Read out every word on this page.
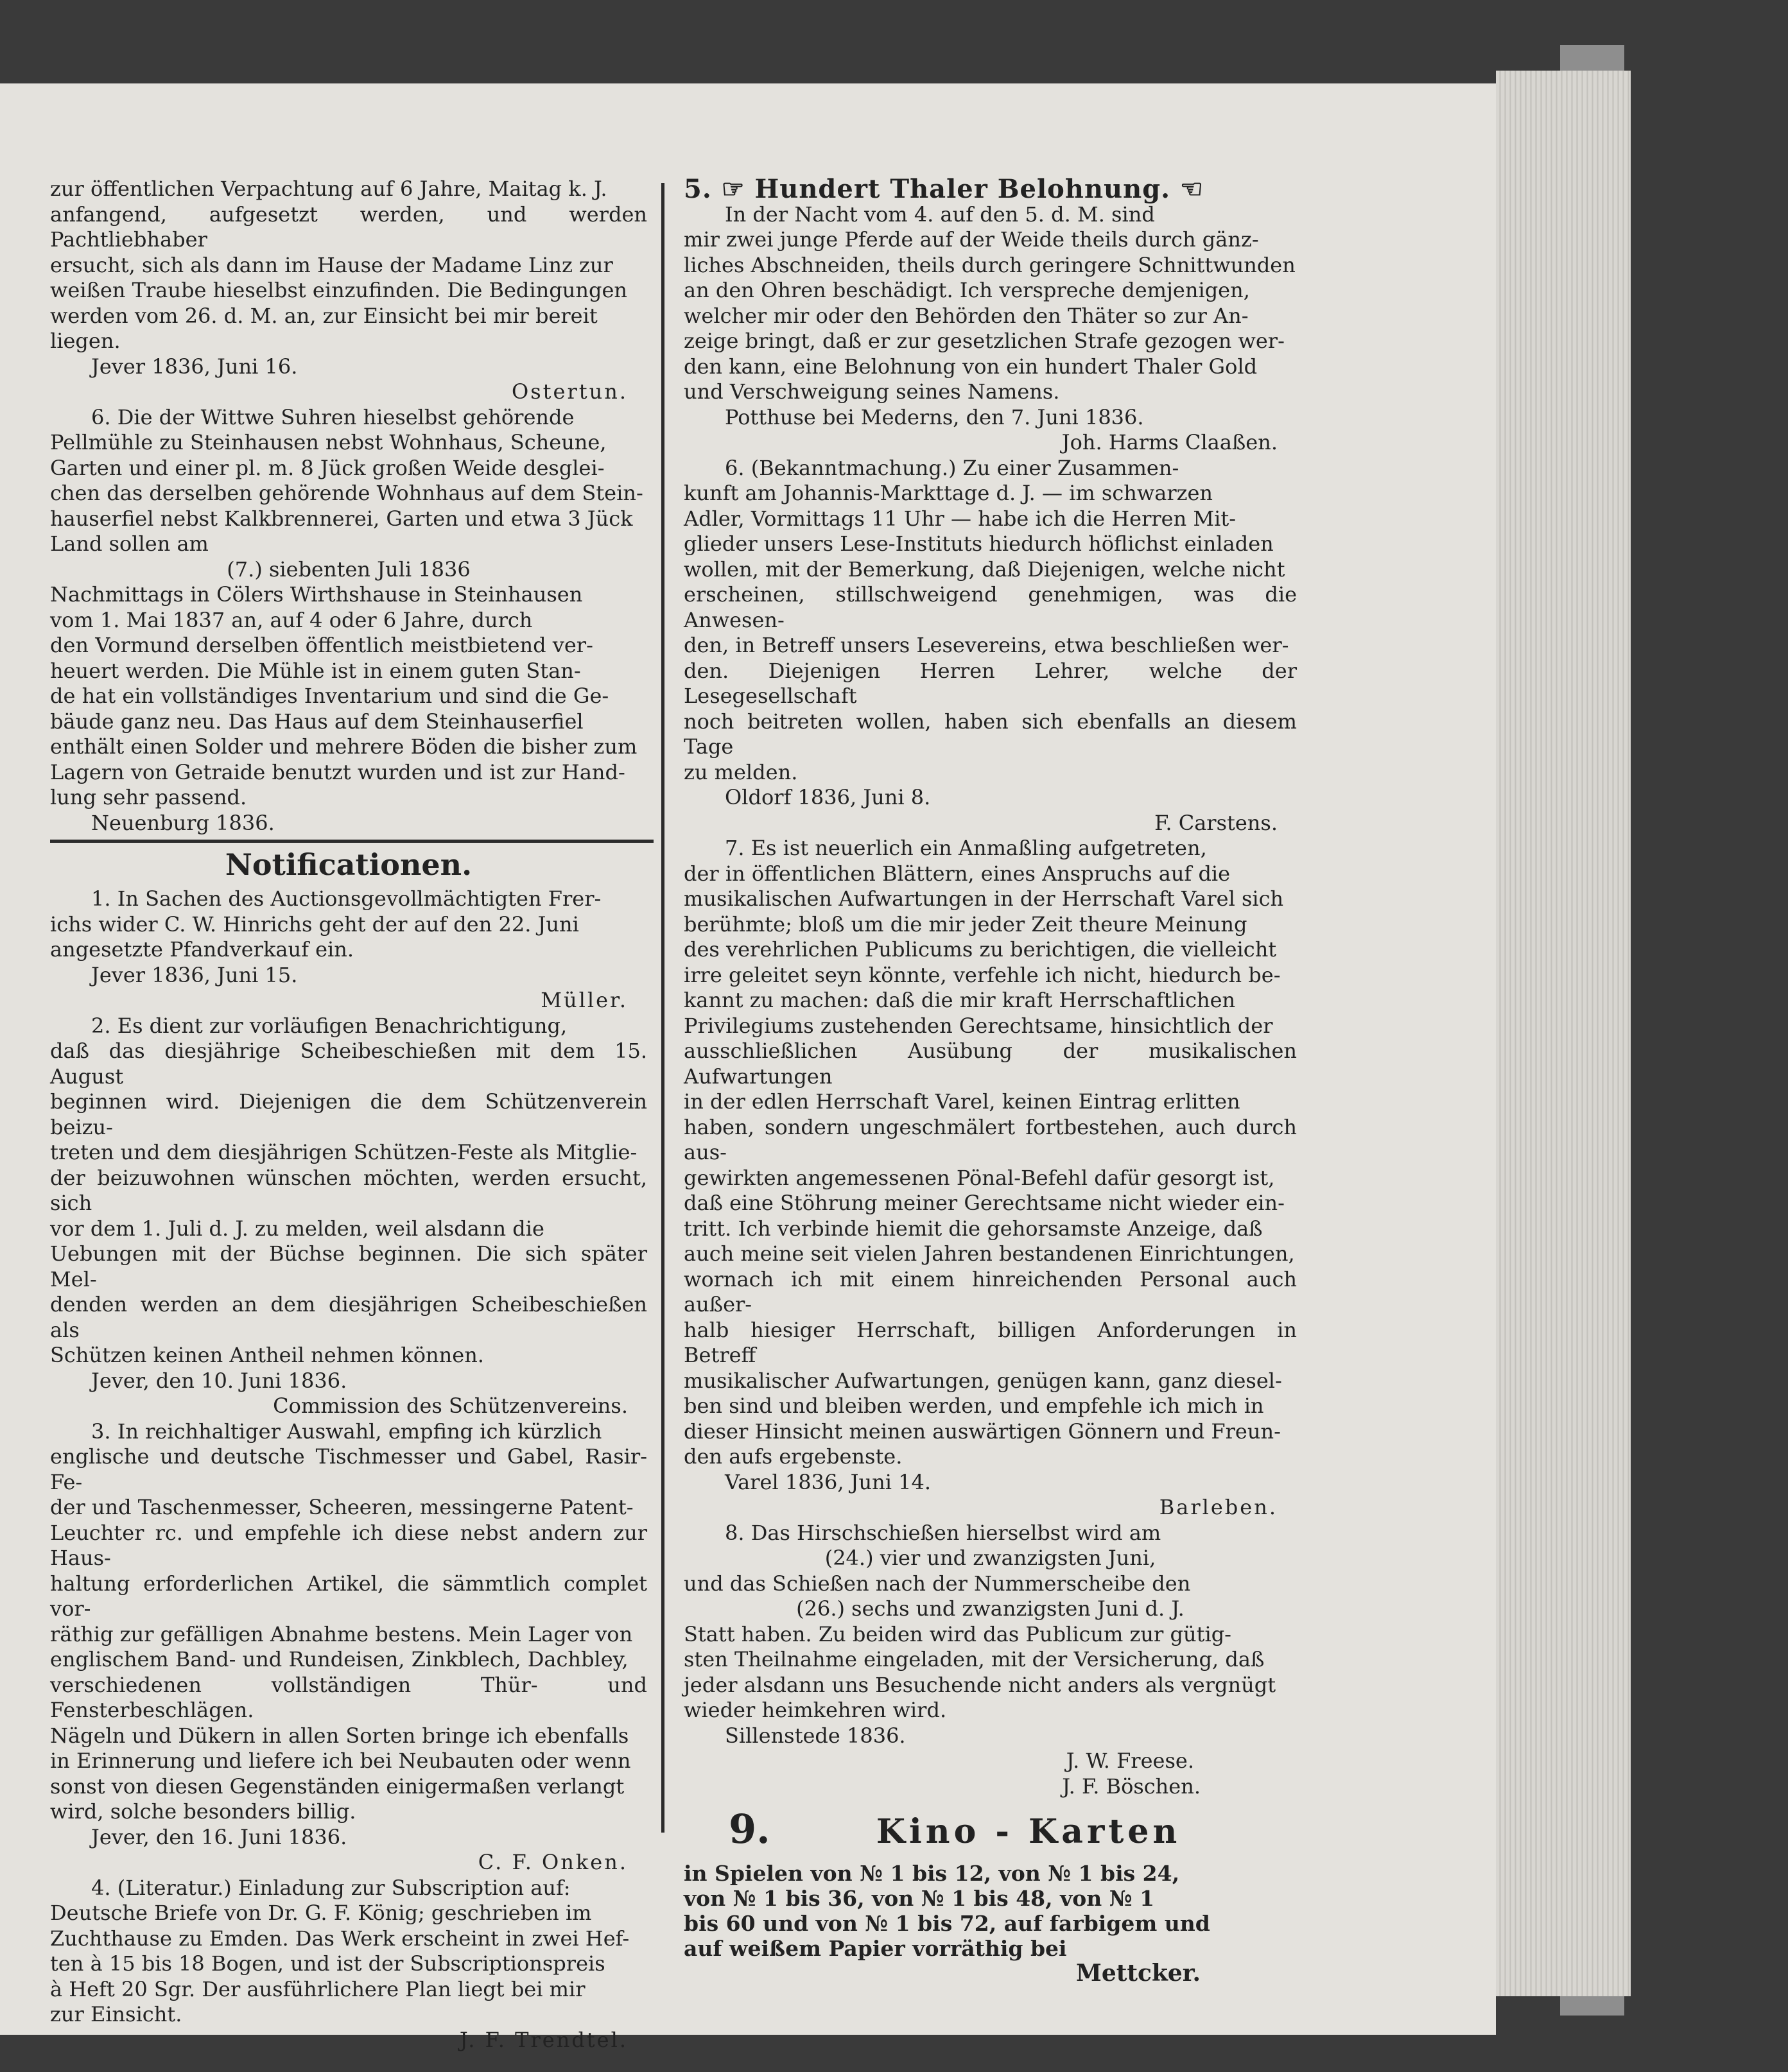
zur öffentlichen Verpachtung auf 6 Jahre, Maitag k. J.

anfangend, aufgesetzt werden, und werden Pachtliebhaber

ersucht, sich als dann im Hause der Madame Linz zur

weißen Traube hieselbst einzufinden. Die Bedingungen

werden vom 26. d. M. an, zur Einsicht bei mir bereit

liegen.

Jever 1836, Juni 16.

Ostertun.

6. Die der Wittwe Suhren hieselbst gehörende

Pellmühle zu Steinhausen nebst Wohnhaus, Scheune,

Garten und einer pl. m. 8 Jück großen Weide desglei-

chen das derselben gehörende Wohnhaus auf dem Stein-

hauserfiel nebst Kalkbrennerei, Garten und etwa 3 Jück

Land sollen am

(7.) siebenten Juli 1836

Nachmittags in Cölers Wirthshause in Steinhausen

vom 1. Mai 1837 an, auf 4 oder 6 Jahre, durch

den Vormund derselben öffentlich meistbietend ver-

heuert werden. Die Mühle ist in einem guten Stan-

de hat ein vollständiges Inventarium und sind die Ge-

bäude ganz neu. Das Haus auf dem Steinhauserfiel

enthält einen Solder und mehrere Böden die bisher zum

Lagern von Getraide benutzt wurden und ist zur Hand-

lung sehr passend.

Neuenburg 1836.

Notificationen.

1. In Sachen des Auctionsgevollmächtigten Frer-

ichs wider C. W. Hinrichs geht der auf den 22. Juni

angesetzte Pfandverkauf ein.

Jever 1836, Juni 15.

Müller.

2. Es dient zur vorläufigen Benachrichtigung,

daß das diesjährige Scheibeschießen mit dem 15. August

beginnen wird. Diejenigen die dem Schützenverein beizu-

treten und dem diesjährigen Schützen-Feste als Mitglie-

der beizuwohnen wünschen möchten, werden ersucht, sich

vor dem 1. Juli d. J. zu melden, weil alsdann die

Uebungen mit der Büchse beginnen. Die sich später Mel-

denden werden an dem diesjährigen Scheibeschießen als

Schützen keinen Antheil nehmen können.

Jever, den 10. Juni 1836.

Commission des Schützenvereins.

3. In reichhaltiger Auswahl, empfing ich kürzlich

englische und deutsche Tischmesser und Gabel, Rasir-Fe-

der und Taschenmesser, Scheeren, messingerne Patent-

Leuchter rc. und empfehle ich diese nebst andern zur Haus-

haltung erforderlichen Artikel, die sämmtlich complet vor-

räthig zur gefälligen Abnahme bestens. Mein Lager von

englischem Band- und Rundeisen, Zinkblech, Dachbley,

verschiedenen vollständigen Thür- und Fensterbeschlägen.

Nägeln und Dükern in allen Sorten bringe ich ebenfalls

in Erinnerung und liefere ich bei Neubauten oder wenn

sonst von diesen Gegenständen einigermaßen verlangt

wird, solche besonders billig.

Jever, den 16. Juni 1836.

C. F. Onken.

4. (Literatur.) Einladung zur Subscription auf:

Deutsche Briefe von Dr. G. F. König; geschrieben im

Zuchthause zu Emden. Das Werk erscheint in zwei Hef-

ten à 15 bis 18 Bogen, und ist der Subscriptionspreis

à Heft 20 Sgr. Der ausführlichere Plan liegt bei mir

zur Einsicht.

J. F. Trendtel.

5. ☞ Hundert Thaler Belohnung. ☜

In der Nacht vom 4. auf den 5. d. M. sind

mir zwei junge Pferde auf der Weide theils durch gänz-

liches Abschneiden, theils durch geringere Schnittwunden

an den Ohren beschädigt. Ich verspreche demjenigen,

welcher mir oder den Behörden den Thäter so zur An-

zeige bringt, daß er zur gesetzlichen Strafe gezogen wer-

den kann, eine Belohnung von ein hundert Thaler Gold

und Verschweigung seines Namens.

Potthuse bei Mederns, den 7. Juni 1836.

Joh. Harms Claaßen.

6. (Bekanntmachung.) Zu einer Zusammen-

kunft am Johannis-Markttage d. J. — im schwarzen

Adler, Vormittags 11 Uhr — habe ich die Herren Mit-

glieder unsers Lese-Instituts hiedurch höflichst einladen

wollen, mit der Bemerkung, daß Diejenigen, welche nicht

erscheinen, stillschweigend genehmigen, was die Anwesen-

den, in Betreff unsers Lesevereins, etwa beschließen wer-

den. Diejenigen Herren Lehrer, welche der Lesegesellschaft

noch beitreten wollen, haben sich ebenfalls an diesem Tage

zu melden.

Oldorf 1836, Juni 8.

F. Carstens.

7. Es ist neuerlich ein Anmaßling aufgetreten,

der in öffentlichen Blättern, eines Anspruchs auf die

musikalischen Aufwartungen in der Herrschaft Varel sich

berühmte; bloß um die mir jeder Zeit theure Meinung

des verehrlichen Publicums zu berichtigen, die vielleicht

irre geleitet seyn könnte, verfehle ich nicht, hiedurch be-

kannt zu machen: daß die mir kraft Herrschaftlichen

Privilegiums zustehenden Gerechtsame, hinsichtlich der

ausschließlichen Ausübung der musikalischen Aufwartungen

in der edlen Herrschaft Varel, keinen Eintrag erlitten

haben, sondern ungeschmälert fortbestehen, auch durch aus-

gewirkten angemessenen Pönal-Befehl dafür gesorgt ist,

daß eine Stöhrung meiner Gerechtsame nicht wieder ein-

tritt. Ich verbinde hiemit die gehorsamste Anzeige, daß

auch meine seit vielen Jahren bestandenen Einrichtungen,

wornach ich mit einem hinreichenden Personal auch außer-

halb hiesiger Herrschaft, billigen Anforderungen in Betreff

musikalischer Aufwartungen, genügen kann, ganz diesel-

ben sind und bleiben werden, und empfehle ich mich in

dieser Hinsicht meinen auswärtigen Gönnern und Freun-

den aufs ergebenste.

Varel 1836, Juni 14.

Barleben.

8. Das Hirschschießen hierselbst wird am

(24.) vier und zwanzigsten Juni,

und das Schießen nach der Nummerscheibe den

(26.) sechs und zwanzigsten Juni d. J.

Statt haben. Zu beiden wird das Publicum zur gütig-

sten Theilnahme eingeladen, mit der Versicherung, daß

jeder alsdann uns Besuchende nicht anders als vergnügt

wieder heimkehren wird.

Sillenstede 1836.

J. W. Freese.

J. F. Böschen.

9.	Kino - Karten

in Spielen von № 1 bis 12, von № 1 bis 24,

von № 1 bis 36, von № 1 bis 48, von № 1

bis 60 und von № 1 bis 72, auf farbigem und

auf weißem Papier vorräthig bei

Mettcker.
